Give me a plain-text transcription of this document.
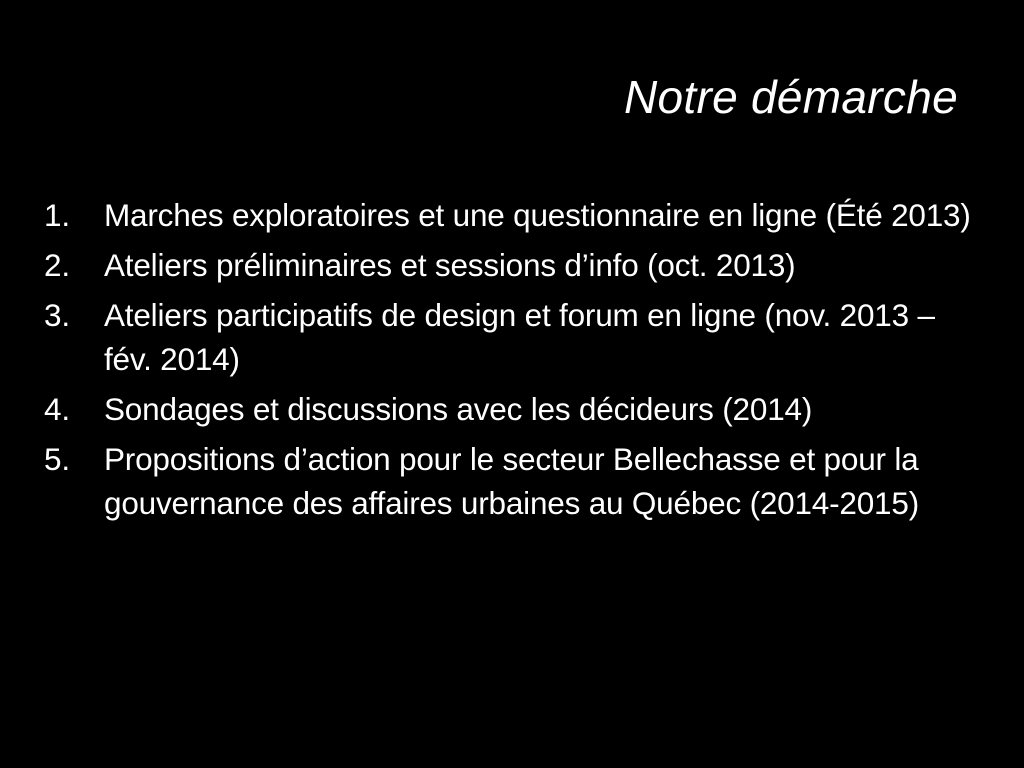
Notre démarche
1. Marches exploratoires et une questionnaire en ligne (Été 2013)
2. Ateliers préliminaires et sessions d’info (oct. 2013)
3. Ateliers participatifs de design et forum en ligne (nov. 2013 – fév. 2014)
4. Sondages et discussions avec les décideurs (2014)
5. Propositions d’action pour le secteur Bellechasse et pour la gouvernance des affaires urbaines au Québec (2014-2015)
